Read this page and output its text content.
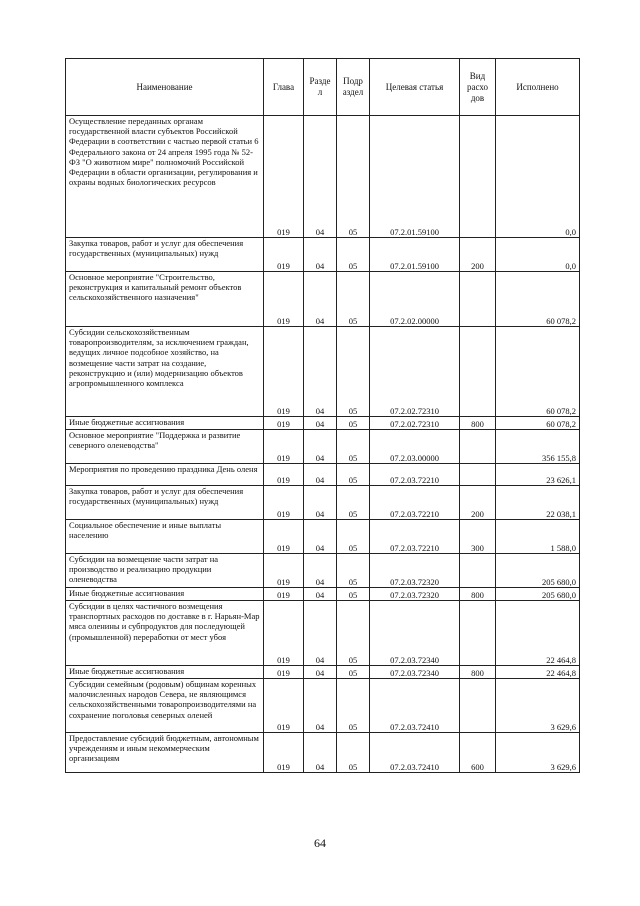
Наименование	Глава	Разде л	Подр аздел	Целевая статья	Вид расхо дов	Исполнено
Осуществление переданных органам государственной власти субъектов Российской Федерации в соответствии с частью первой статьи 6 Федерального закона от 24 апреля 1995 года № 52-ФЗ "О животном мире" полномочий Российской Федерации в области организации, регулирования и охраны водных биологических ресурсов	019	04	05	07.2.01.59100		0,0
Закупка товаров, работ и услуг для обеспечения государственных (муниципальных) нужд	019	04	05	07.2.01.59100	200	0,0
Основное мероприятие "Строительство, реконструкция и капитальный ремонт объектов сельскохозяйственного назначения"	019	04	05	07.2.02.00000		60 078,2
Субсидии сельскохозяйственным товаропроизводителям, за исключением граждан, ведущих личное подсобное хозяйство, на возмещение части затрат на создание, реконструкцию и (или) модернизацию объектов агропромышленного комплекса	019	04	05	07.2.02.72310		60 078,2
Иные бюджетные ассигнования	019	04	05	07.2.02.72310	800	60 078,2
Основное мероприятие "Поддержка и развитие северного оленеводства"	019	04	05	07.2.03.00000		356 155,8
Мероприятия по проведению праздника День оленя	019	04	05	07.2.03.72210		23 626,1
Закупка товаров, работ и услуг для обеспечения государственных (муниципальных) нужд	019	04	05	07.2.03.72210	200	22 038,1
Социальное обеспечение и иные выплаты населению	019	04	05	07.2.03.72210	300	1 588,0
Субсидии на возмещение части затрат на производство и реализацию продукции оленеводства	019	04	05	07.2.03.72320		205 680,0
Иные бюджетные ассигнования	019	04	05	07.2.03.72320	800	205 680,0
Субсидии в целях частичного возмещения транспортных расходов по доставке в г. Нарьян-Мар мяса оленины и субпродуктов для последующей (промышленной) переработки от мест убоя	019	04	05	07.2.03.72340		22 464,8
Иные бюджетные ассигнования	019	04	05	07.2.03.72340	800	22 464,8
Субсидии семейным (родовым) общинам коренных малочисленных народов Севера, не являющимся сельскохозяйственными товаропроизводителями на сохранение поголовья северных оленей	019	04	05	07.2.03.72410		3 629,6
Предоставление субсидий бюджетным, автономным учреждениям и иным некоммерческим организациям	019	04	05	07.2.03.72410	600	3 629,6
64
